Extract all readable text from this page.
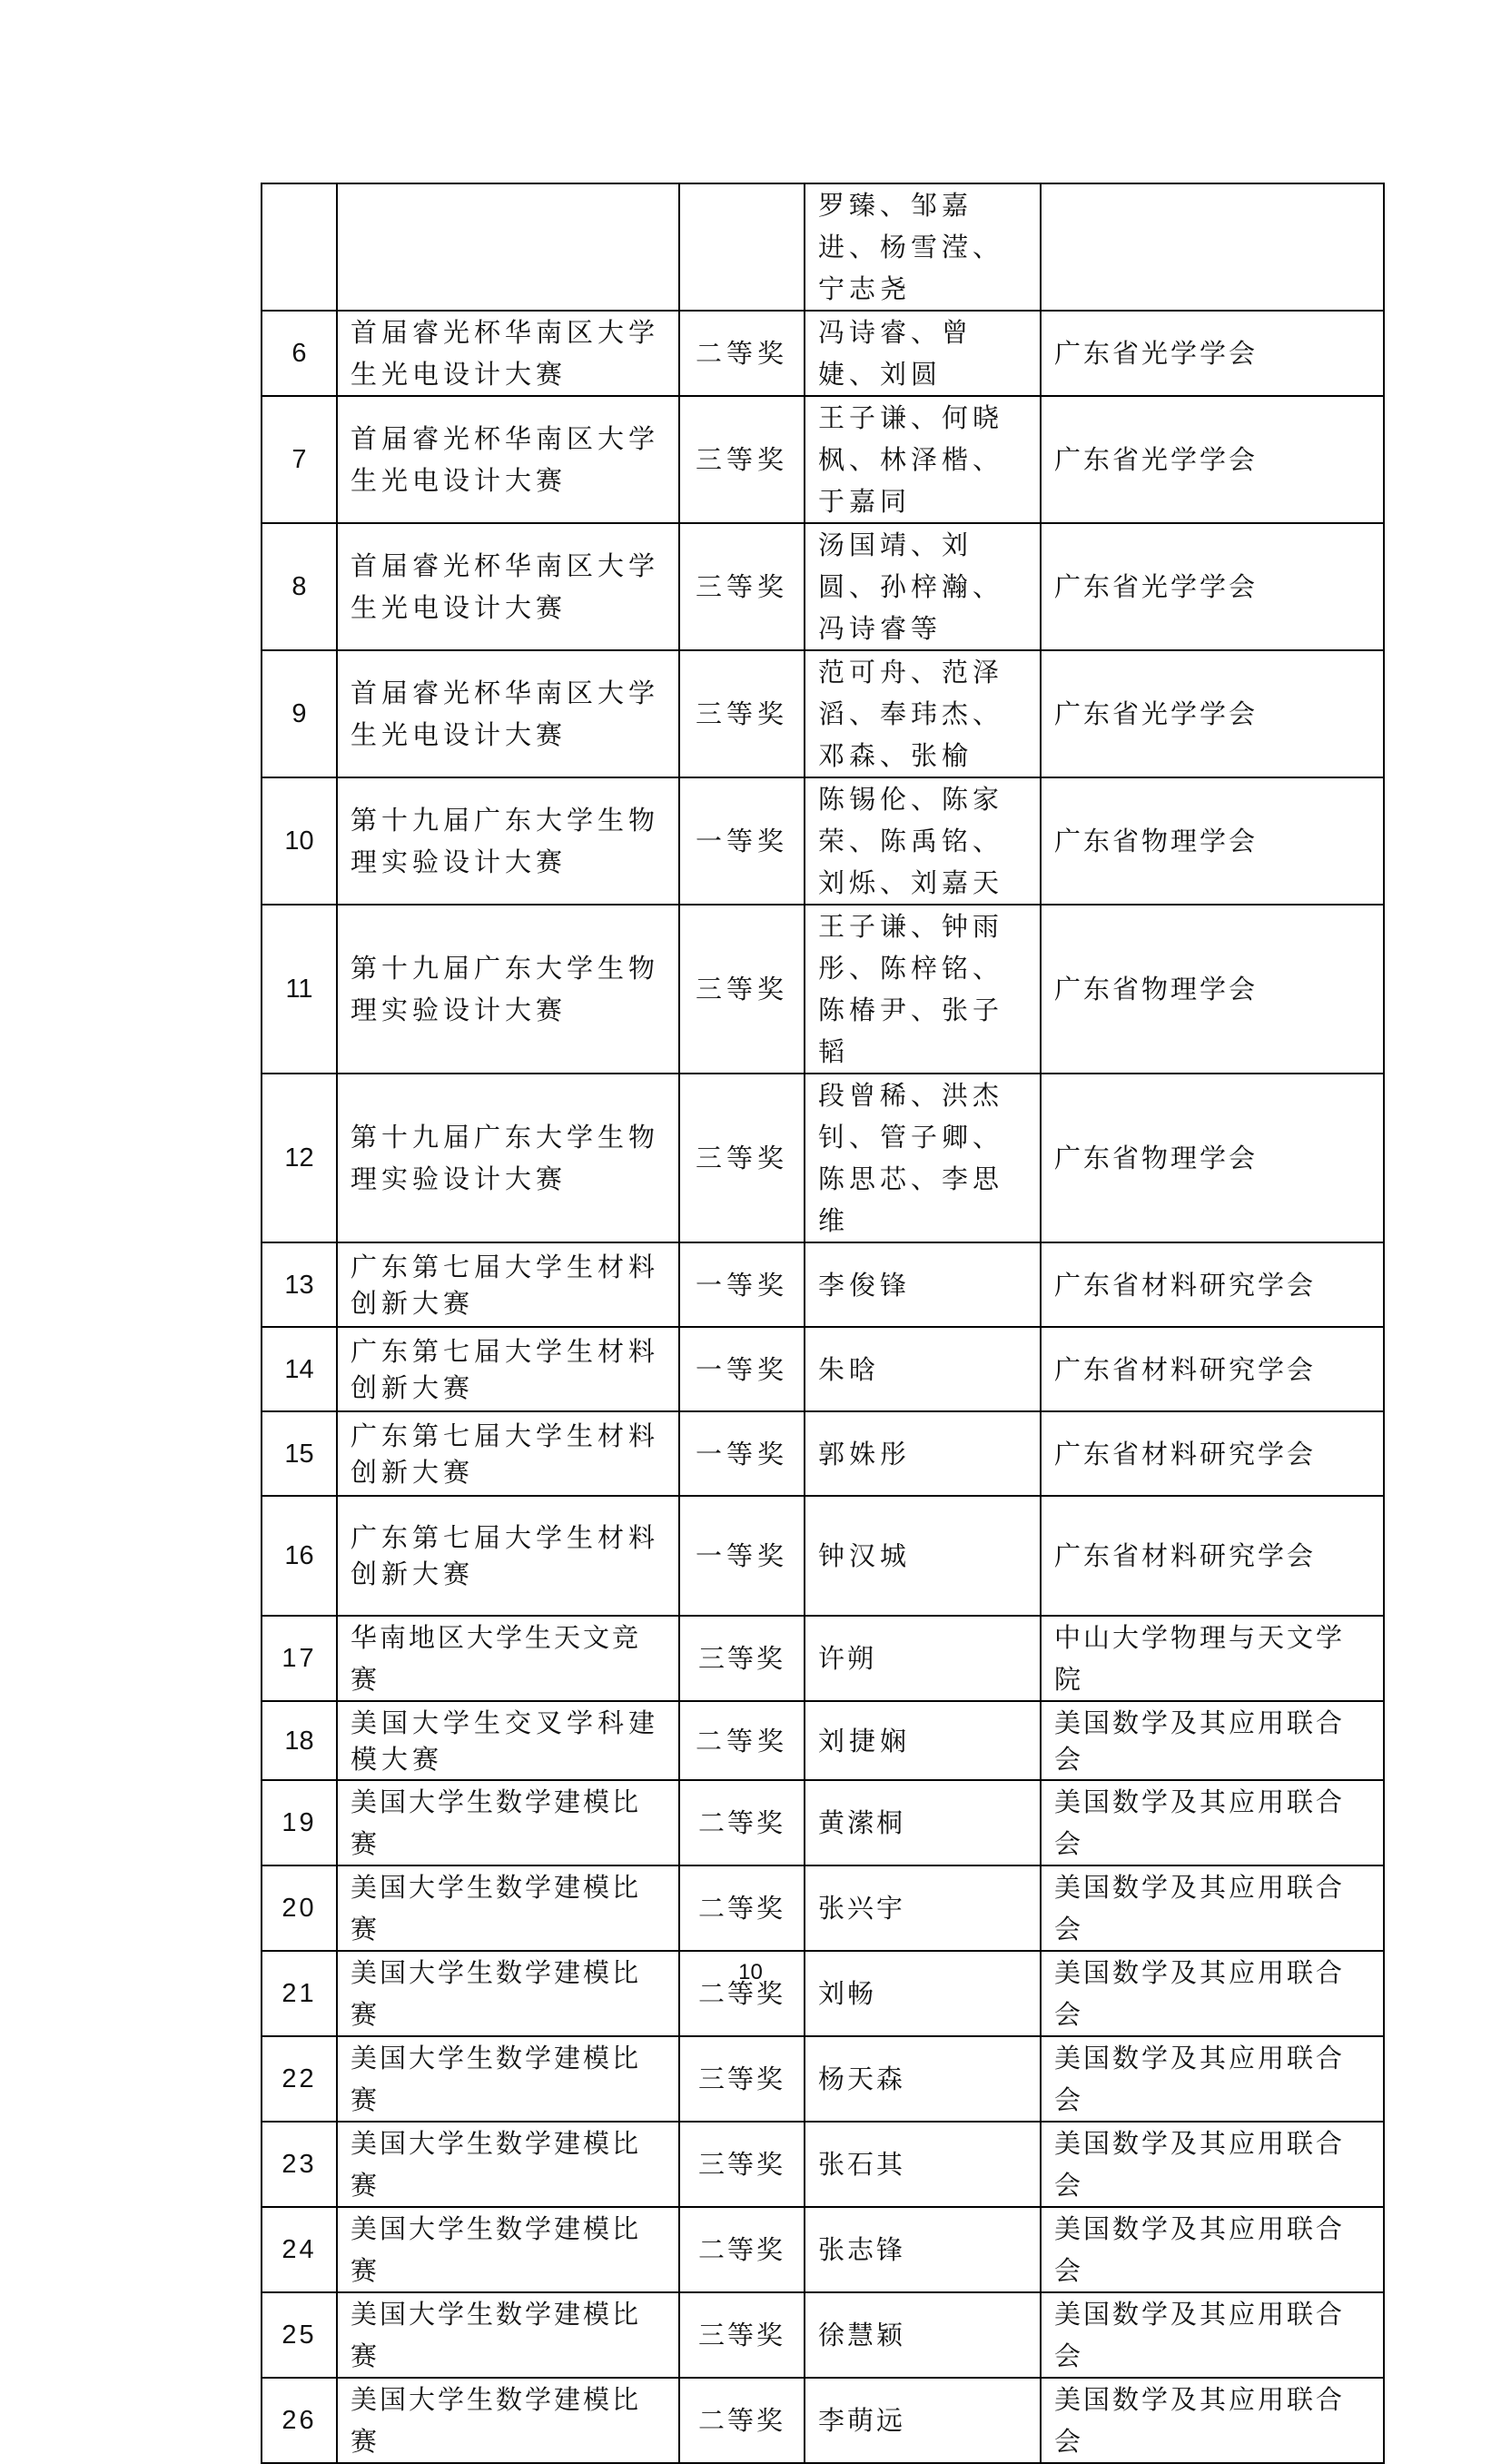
			罗臻、邹嘉进、杨雪滢、宁志尧	
6	首届睿光杯华南区大学生光电设计大赛	二等奖	冯诗睿、曾婕、刘圆	广东省光学学会
7	首届睿光杯华南区大学生光电设计大赛	三等奖	王子谦、何晓枫、林泽楷、于嘉同	广东省光学学会
8	首届睿光杯华南区大学生光电设计大赛	三等奖	汤国靖、刘圆、孙梓瀚、冯诗睿等	广东省光学学会
9	首届睿光杯华南区大学生光电设计大赛	三等奖	范可舟、范泽滔、奉玮杰、邓森、张榆	广东省光学学会
10	第十九届广东大学生物理实验设计大赛	一等奖	陈锡伦、陈家荣、陈禹铭、刘烁、刘嘉天	广东省物理学会
11	第十九届广东大学生物理实验设计大赛	三等奖	王子谦、钟雨彤、陈梓铭、陈椿尹、张子韬	广东省物理学会
12	第十九届广东大学生物理实验设计大赛	三等奖	段曾稀、洪杰钊、管子卿、陈思芯、李思维	广东省物理学会
13	广东第七届大学生材料创新大赛	一等奖	李俊锋	广东省材料研究学会
14	广东第七届大学生材料创新大赛	一等奖	朱晗	广东省材料研究学会
15	广东第七届大学生材料创新大赛	一等奖	郭姝彤	广东省材料研究学会
16	广东第七届大学生材料创新大赛	一等奖	钟汉城	广东省材料研究学会
17	华南地区大学生天文竞赛	三等奖	许朔	中山大学物理与天文学院
18	美国大学生交叉学科建模大赛	二等奖	刘捷娴	美国数学及其应用联合会
19	美国大学生数学建模比赛	二等奖	黄潆桐	美国数学及其应用联合会
20	美国大学生数学建模比赛	二等奖	张兴宇	美国数学及其应用联合会
21	美国大学生数学建模比赛	二等奖	刘畅	美国数学及其应用联合会
22	美国大学生数学建模比赛	三等奖	杨天森	美国数学及其应用联合会
23	美国大学生数学建模比赛	三等奖	张石其	美国数学及其应用联合会
24	美国大学生数学建模比赛	二等奖	张志锋	美国数学及其应用联合会
25	美国大学生数学建模比赛	三等奖	徐慧颖	美国数学及其应用联合会
26	美国大学生数学建模比赛	二等奖	李萌远	美国数学及其应用联合会
10
